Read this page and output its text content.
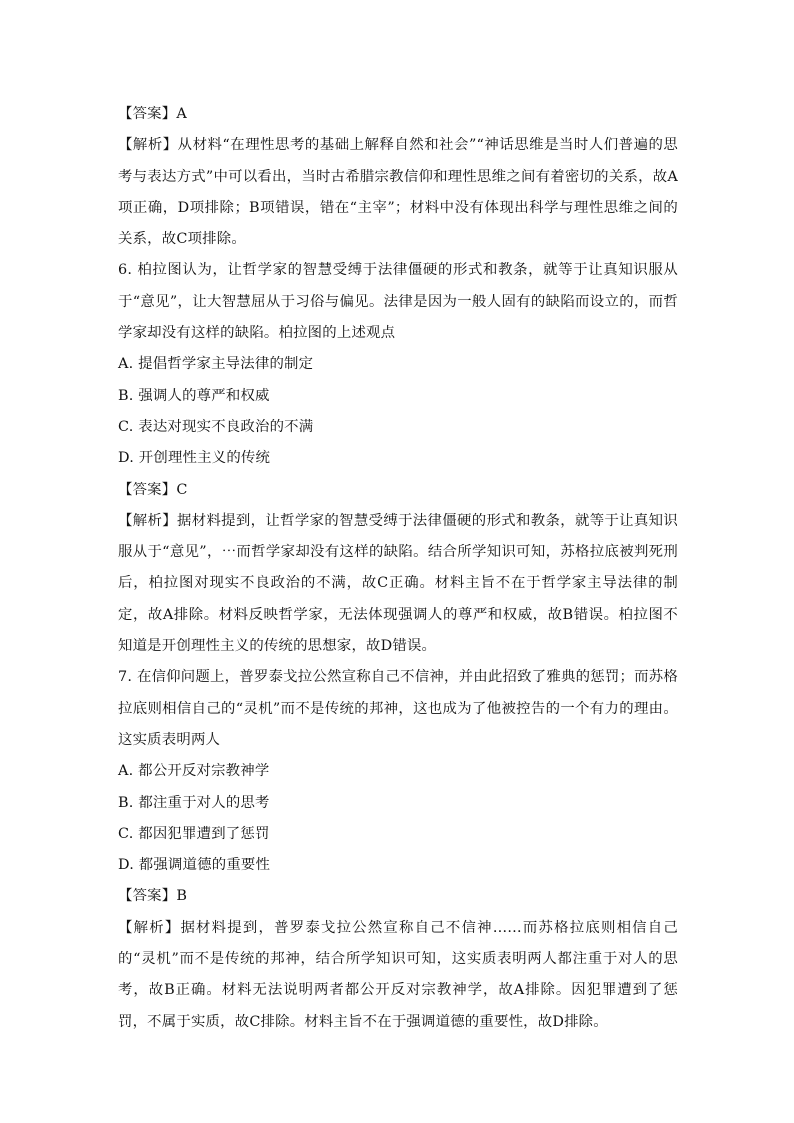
【答案】A

【解析】从材料“在理性思考的基础上解释自然和社会”“神话思维是当时人们普遍的思考与表达方式”中可以看出，当时古希腊宗教信仰和理性思维之间有着密切的关系，故A项正确，D项排除；B项错误，错在“主宰”；材料中没有体现出科学与理性思维之间的关系，故C项排除。

6. 柏拉图认为，让哲学家的智慧受缚于法律僵硬的形式和教条，就等于让真知识服从于“意见”，让大智慧屈从于习俗与偏见。法律是因为一般人固有的缺陷而设立的，而哲学家却没有这样的缺陷。柏拉图的上述观点

A. 提倡哲学家主导法律的制定

B. 强调人的尊严和权威

C. 表达对现实不良政治的不满

D. 开创理性主义的传统

【答案】C

【解析】据材料提到，让哲学家的智慧受缚于法律僵硬的形式和教条，就等于让真知识服从于“意见”，⋯而哲学家却没有这样的缺陷。结合所学知识可知，苏格拉底被判死刑后，柏拉图对现实不良政治的不满，故C正确。材料主旨不在于哲学家主导法律的制定，故A排除。材料反映哲学家，无法体现强调人的尊严和权威，故B错误。柏拉图不知道是开创理性主义的传统的思想家，故D错误。

7. 在信仰问题上，普罗泰戈拉公然宣称自己不信神，并由此招致了雅典的惩罚；而苏格拉底则相信自己的“灵机”而不是传统的邦神，这也成为了他被控告的一个有力的理由。这实质表明两人

A. 都公开反对宗教神学

B. 都注重于对人的思考

C. 都因犯罪遭到了惩罚

D. 都强调道德的重要性

【答案】B

【解析】据材料提到，普罗泰戈拉公然宣称自己不信神……而苏格拉底则相信自己的“灵机”而不是传统的邦神，结合所学知识可知，这实质表明两人都注重于对人的思考，故B正确。材料无法说明两者都公开反对宗教神学，故A排除。因犯罪遭到了惩罚，不属于实质，故C排除。材料主旨不在于强调道德的重要性，故D排除。
